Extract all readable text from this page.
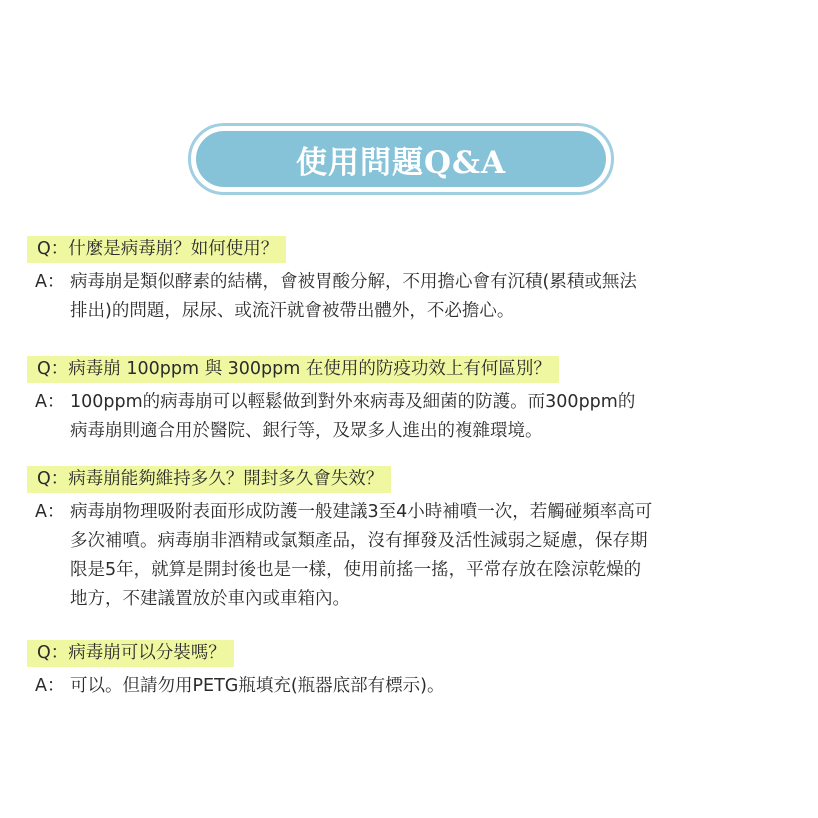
使用問題Q&A
Q：什麼是病毒崩？如何使用？
A： 病毒崩是類似酵素的結構，會被胃酸分解，不用擔心會有沉積(累積或無法
排出)的問題，尿尿、或流汗就會被帶出體外，不必擔心。
Q：病毒崩 100ppm 與 300ppm 在使用的防疫功效上有何區別？
A： 100ppm的病毒崩可以輕鬆做到對外來病毒及細菌的防護。而300ppm的
病毒崩則適合用於醫院、銀行等，及眾多人進出的複雜環境。
Q：病毒崩能夠維持多久？開封多久會失效？
A： 病毒崩物理吸附表面形成防護一般建議3至4小時補噴一次，若觸碰頻率高可
多次補噴。病毒崩非酒精或氯類產品，沒有揮發及活性減弱之疑慮，保存期
限是5年，就算是開封後也是一樣，使用前搖一搖，平常存放在陰涼乾燥的
地方，不建議置放於車內或車箱內。
Q：病毒崩可以分裝嗎？
A： 可以。但請勿用PETG瓶填充(瓶器底部有標示)。
